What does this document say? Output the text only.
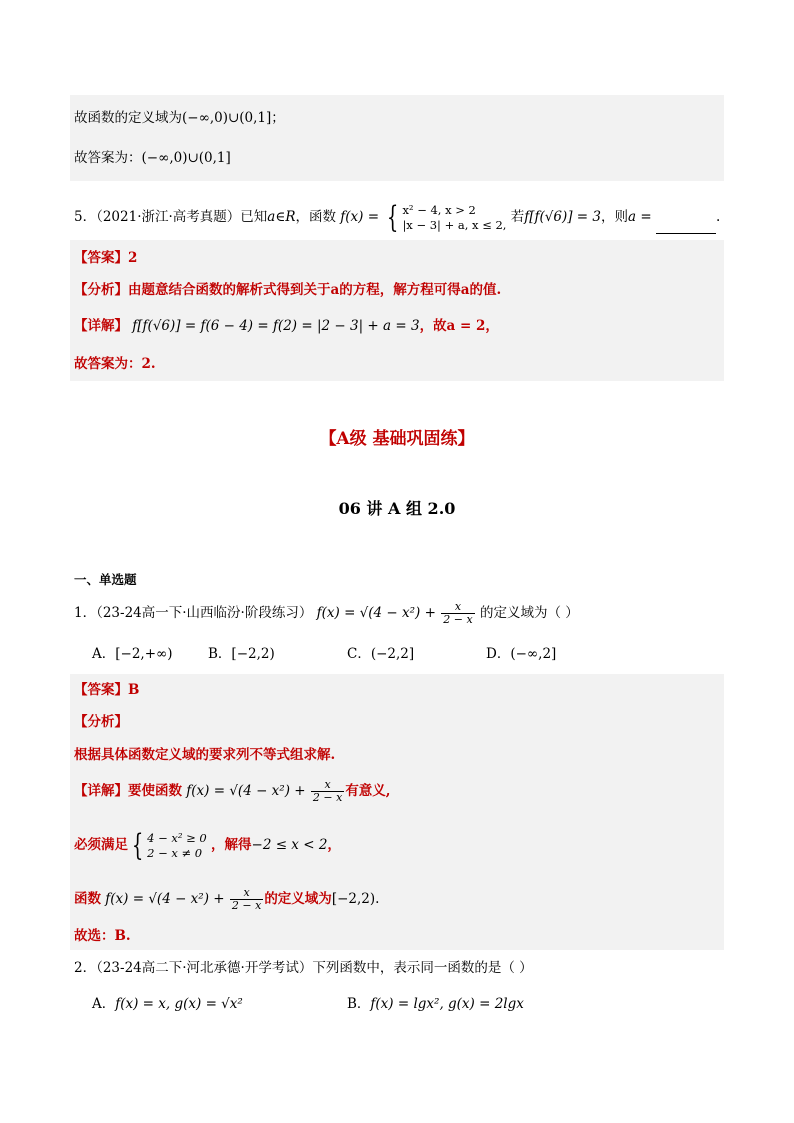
故函数的定义域为(−∞,0)∪(0,1]；
故答案为：(−∞,0)∪(0,1]
5．（2021·浙江·高考真题）已知a∈R，函数 f(x) = { x² − 4, x > 2
|x − 3| + a, x ≤ 2, 若f[f(√6)] = 3，则a =	.
【答案】2
【分析】由题意结合函数的解析式得到关于a的方程，解方程可得a的值.
【详解】 f[f(√6)] = f(6 − 4) = f(2) = |2 − 3| + a = 3，故a = 2，
故答案为：2.
【A级 基础巩固练】
06 讲 A 组 2.0
一、单选题
1．（23-24高一下·山西临汾·阶段练习） $f(x) = √(4 - x^2) + \frac{x}{2 - x}$ 的定义域为（ ）
A．[−2,+∞)	B．[−2,2)	C．(−2,2]	D．(−∞,2]
【答案】B
【分析】
根据具体函数定义域的要求列不等式组求解.
【详解】要使函数 $f(x) = √(4 - x^2) + \frac{x}{2 - x}$ 有意义,
必须满足 { 4 − x² ≥ 0
2 − x ≠ 0 ，解得−2 ≤ x < 2，
函数 $f(x) = √(4 - x^2) + \frac{x}{2 - x}$ 的定义域为[−2,2).
故选：B.
2．（23-24高二下·河北承德·开学考试）下列函数中，表示同一函数的是（ ）
A．f(x) = x, g(x) = √x²	B．f(x) = lgx², g(x) = 2lgx
